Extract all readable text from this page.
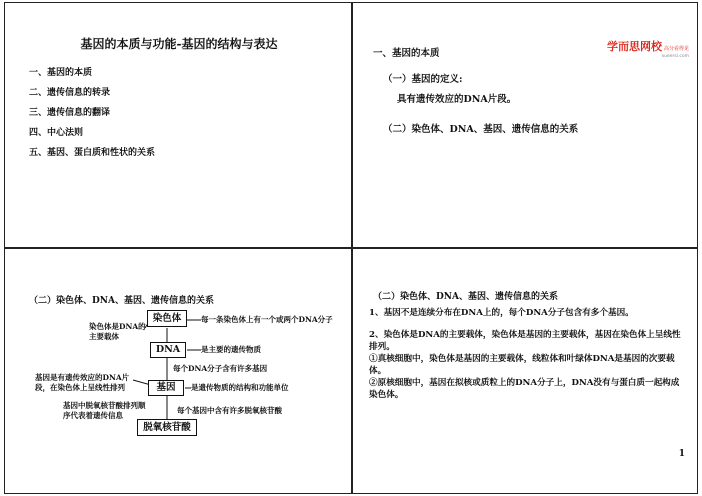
基因的本质与功能-基因的结构与表达
一、基因的本质
二、遗传信息的转录
三、遗传信息的翻译
四、中心法则
五、基因、蛋白质和性状的关系
学而思网校 高分看得见
xueersi.com
一、基因的本质
（一）基因的定义:
具有遗传效应的DNA片段。
（二）染色体、DNA、基因、遗传信息的关系
（二）染色体、DNA、基因、遗传信息的关系
染色体
DNA
基因
脱氧核苷酸
染色体是DNA的
主要载体
每一条染色体上有一个或两个DNA分子
是主要的遗传物质
每个DNA分子含有许多基因
基因是有遗传效应的DNA片
段，在染色体上呈线性排列	是遗传物质的结构和功能单位
基因中脱氧核苷酸排列顺
序代表着遗传信息
每个基因中含有许多脱氧核苷酸
（二）染色体、DNA、基因、遗传信息的关系
1、基因不是连续分布在DNA上的，每个DNA分子包含有多个基因。
2、染色体是DNA的主要载体，染色体是基因的主要载体，基因在染色体上呈线性排列。
①真核细胞中，染色体是基因的主要载体，线粒体和叶绿体DNA是基因的次要载体。
②原核细胞中，基因在拟核或质粒上的DNA分子上，DNA没有与蛋白质一起构成染色体。
1
